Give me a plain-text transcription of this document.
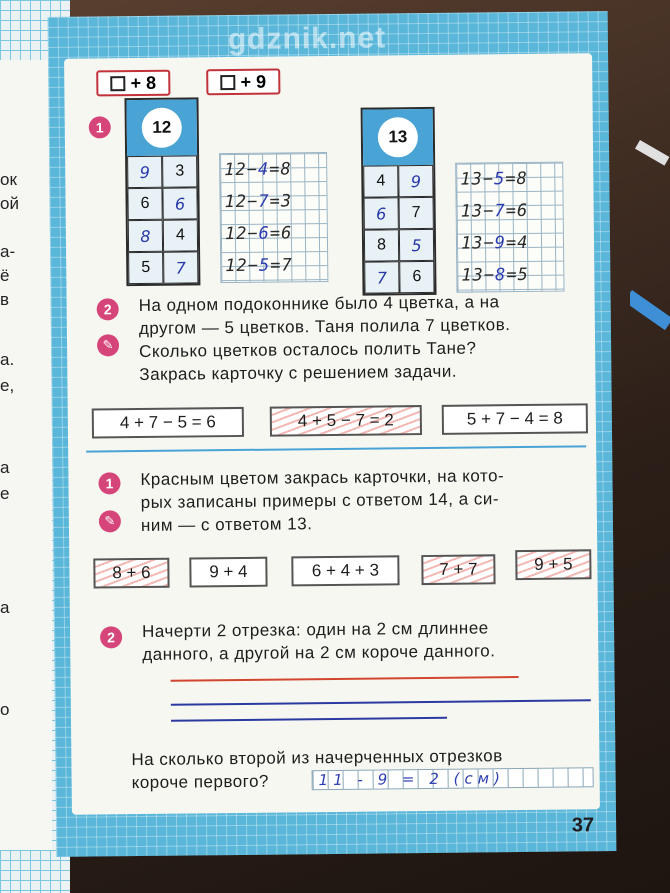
ок
ой
а-
ё
в
а.
е,
а
е
а
о
gdznik.net
+ 8	+ 9
1	12
9	3
6	6
8	4
5	7
12 − 4 = 8
12 − 7 = 3
12 − 6 = 6
12 − 5 = 7
13
4	9
6	7
8	5
7	6
13 − 5 = 8
13 − 7 = 6
13 − 9 = 4
13 − 8 = 5
2
✎
На одном подоконнике было 4 цветка, а на
другом — 5 цветков. Таня полила 7 цветков.
Сколько цветков осталось полить Тане?
Закрась карточку с решением задачи.
4 + 7 − 5 = 6	4 + 5 − 7 = 2	5 + 7 − 4 = 8
1
✎
Красным цветом закрась карточки, на кото-
рых записаны примеры с ответом 14, а си-
ним — с ответом 13.
8 + 6	9 + 4	6 + 4 + 3	7 + 7	9 + 5
2	Начерти 2 отрезка: один на 2 см длиннее
данного, а другой на 2 см короче данного.
На сколько второй из начерченных отрезков
короче первого?	11 - 9 = 2 (см)
37
